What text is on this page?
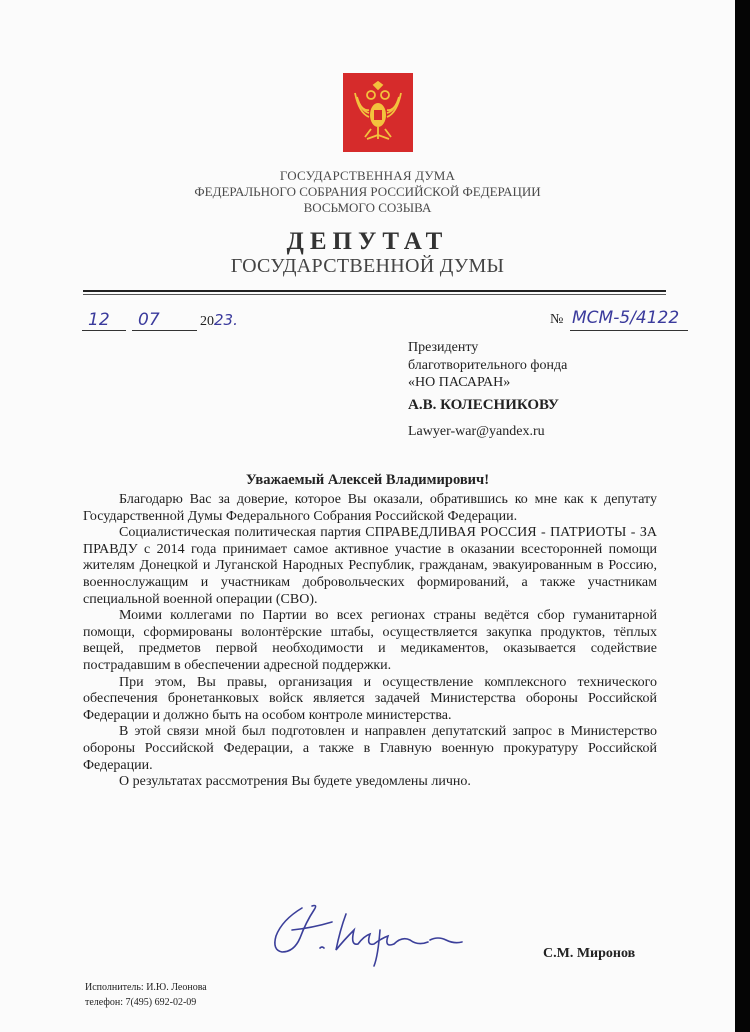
ГОСУДАРСТВЕННАЯ ДУМА
ФЕДЕРАЛЬНОГО СОБРАНИЯ РОССИЙСКОЙ ФЕДЕРАЦИИ
ВОСЬМОГО СОЗЫВА
ДЕПУТАТ
ГОСУДАРСТВЕННОЙ ДУМЫ
12 07	2023.	№ МСМ-5/4122
Президенту
благотворительного фонда
«НО ПАСАРАН»
А.В. КОЛЕСНИКОВУ
Lawyer-war@yandex.ru
Уважаемый Алексей Владимирович!

Благодарю Вас за доверие, которое Вы оказали, обратившись ко мне как к депутату Государственной Думы Федерального Собрания Российской Федерации.

Социалистическая политическая партия СПРАВЕДЛИВАЯ РОССИЯ - ПАТРИОТЫ - ЗА ПРАВДУ с 2014 года принимает самое активное участие в оказании всесторонней помощи жителям Донецкой и Луганской Народных Республик, гражданам, эвакуированным в Россию, военнослужащим и участникам добровольческих формирований, а также участникам специальной военной операции (СВО).

Моими коллегами по Партии во всех регионах страны ведётся сбор гуманитарной помощи, сформированы волонтёрские штабы, осуществляется закупка продуктов, тёплых вещей, предметов первой необходимости и медикаментов, оказывается содействие пострадавшим в обеспечении адресной поддержки.

При этом, Вы правы, организация и осуществление комплексного технического обеспечения бронетанковых войск является задачей Министерства обороны Российской Федерации и должно быть на особом контроле министерства.

В этой связи мной был подготовлен и направлен депутатский запрос в Министерство обороны Российской Федерации, а также в Главную военную прокуратуру Российской Федерации.

О результатах рассмотрения Вы будете уведомлены лично.

С.М. Миронов
Исполнитель: И.Ю. Леонова
телефон: 7(495) 692-02-09
